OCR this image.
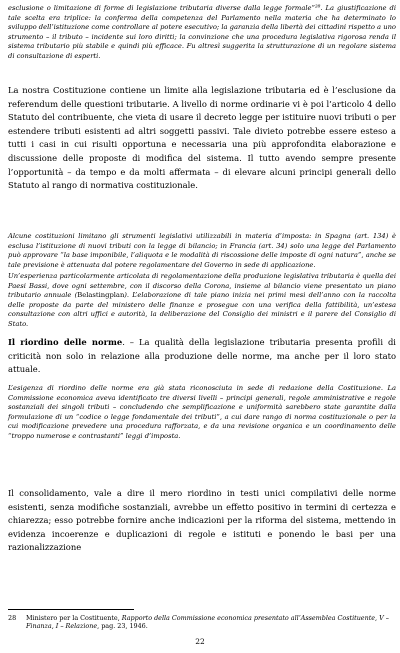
esclusione o limitazione di forme di legislazione tributaria diverse dalla legge formale”²⁸. La giustificazione di tale scelta era triplice: la conferma della competenza del Parlamento nella materia che ha determinato lo sviluppo dell’istituzione come controllare al potere esecutivo; la garanzia della libertà dei cittadini rispetto a uno strumento – il tributo – incidente sui loro diritti; la convinzione che una procedura legislativa rigorosa renda il sistema tributario più stabile e quindi più efficace. Fu altresì suggerita la strutturazione di un regolare sistema di consultazione di esperti.

La nostra Costituzione contiene un limite alla legislazione tributaria ed è l’esclusione da referendum delle questioni tributarie. A livello di norme ordinarie vi è poi l’articolo 4 dello Statuto del contribuente, che vieta di usare il decreto legge per istituire nuovi tributi o per estendere tributi esistenti ad altri soggetti passivi. Tale divieto potrebbe essere esteso a tutti i casi in cui risulti opportuna e necessaria una più approfondita elaborazione e discussione delle proposte di modifica del sistema. Il tutto avendo sempre presente l’opportunità – da tempo e da molti affermata – di elevare alcuni principi generali dello Statuto al rango di normativa costituzionale.

Alcune costituzioni limitano gli strumenti legislativi utilizzabili in materia d’imposta: in Spagna (art. 134) è esclusa l’istituzione di nuovi tributi con la legge di bilancio; in Francia (art. 34) solo una legge del Parlamento può approvare “la base imponibile, l’aliquota e le modalità di riscossione delle imposte di ogni natura”, anche se tale previsione è attenuata dal potere regolamentare del Governo in sede di applicazione.

Un’esperienza particolarmente articolata di regolamentazione della produzione legislativa tributaria è quella dei Paesi Bassi, dove ogni settembre, con il discorso della Corona, insieme al bilancio viene presentato un piano tributario annuale (Belastingplan). L’elaborazione di tale piano inizia nei primi mesi dell’anno con la raccolta delle proposte da parte del ministero delle finanze e prosegue con una verifica della fattibilità, un’estesa consultazione con altri uffici e autorità, la deliberazione del Consiglio dei ministri e il parere del Consiglio di Stato.

Il riordino delle norme. – La qualità della legislazione tributaria presenta profili di criticità non solo in relazione alla produzione delle norme, ma anche per il loro stato attuale.

L’esigenza di riordino delle norme era già stata riconosciuta in sede di redazione della Costituzione. La Commissione economica aveva identificato tre diversi livelli – principi generali, regole amministrative e regole sostanziali dei singoli tributi – concludendo che semplificazione e uniformità sarebbero state garantite dalla formulazione di un “codice o legge fondamentale dei tributi”, a cui dare rango di norma costituzionale o per la cui modificazione prevedere una procedura rafforzata, e da una revisione organica e un coordinamento delle “troppo numerose e contrastanti” leggi d’imposta.

Il consolidamento, vale a dire il mero riordino in testi unici compilativi delle norme esistenti, senza modifiche sostanziali, avrebbe un effetto positivo in termini di certezza e chiarezza; esso potrebbe fornire anche indicazioni per la riforma del sistema, mettendo in evidenza incoerenze e duplicazioni di regole e istituti e ponendo le basi per una razionalizzazione

28 Ministero per la Costituente, Rapporto della Commissione economica presentato all’Assemblea Costituente, V – Finanza, I – Relazione, pag. 23, 1946.

22
